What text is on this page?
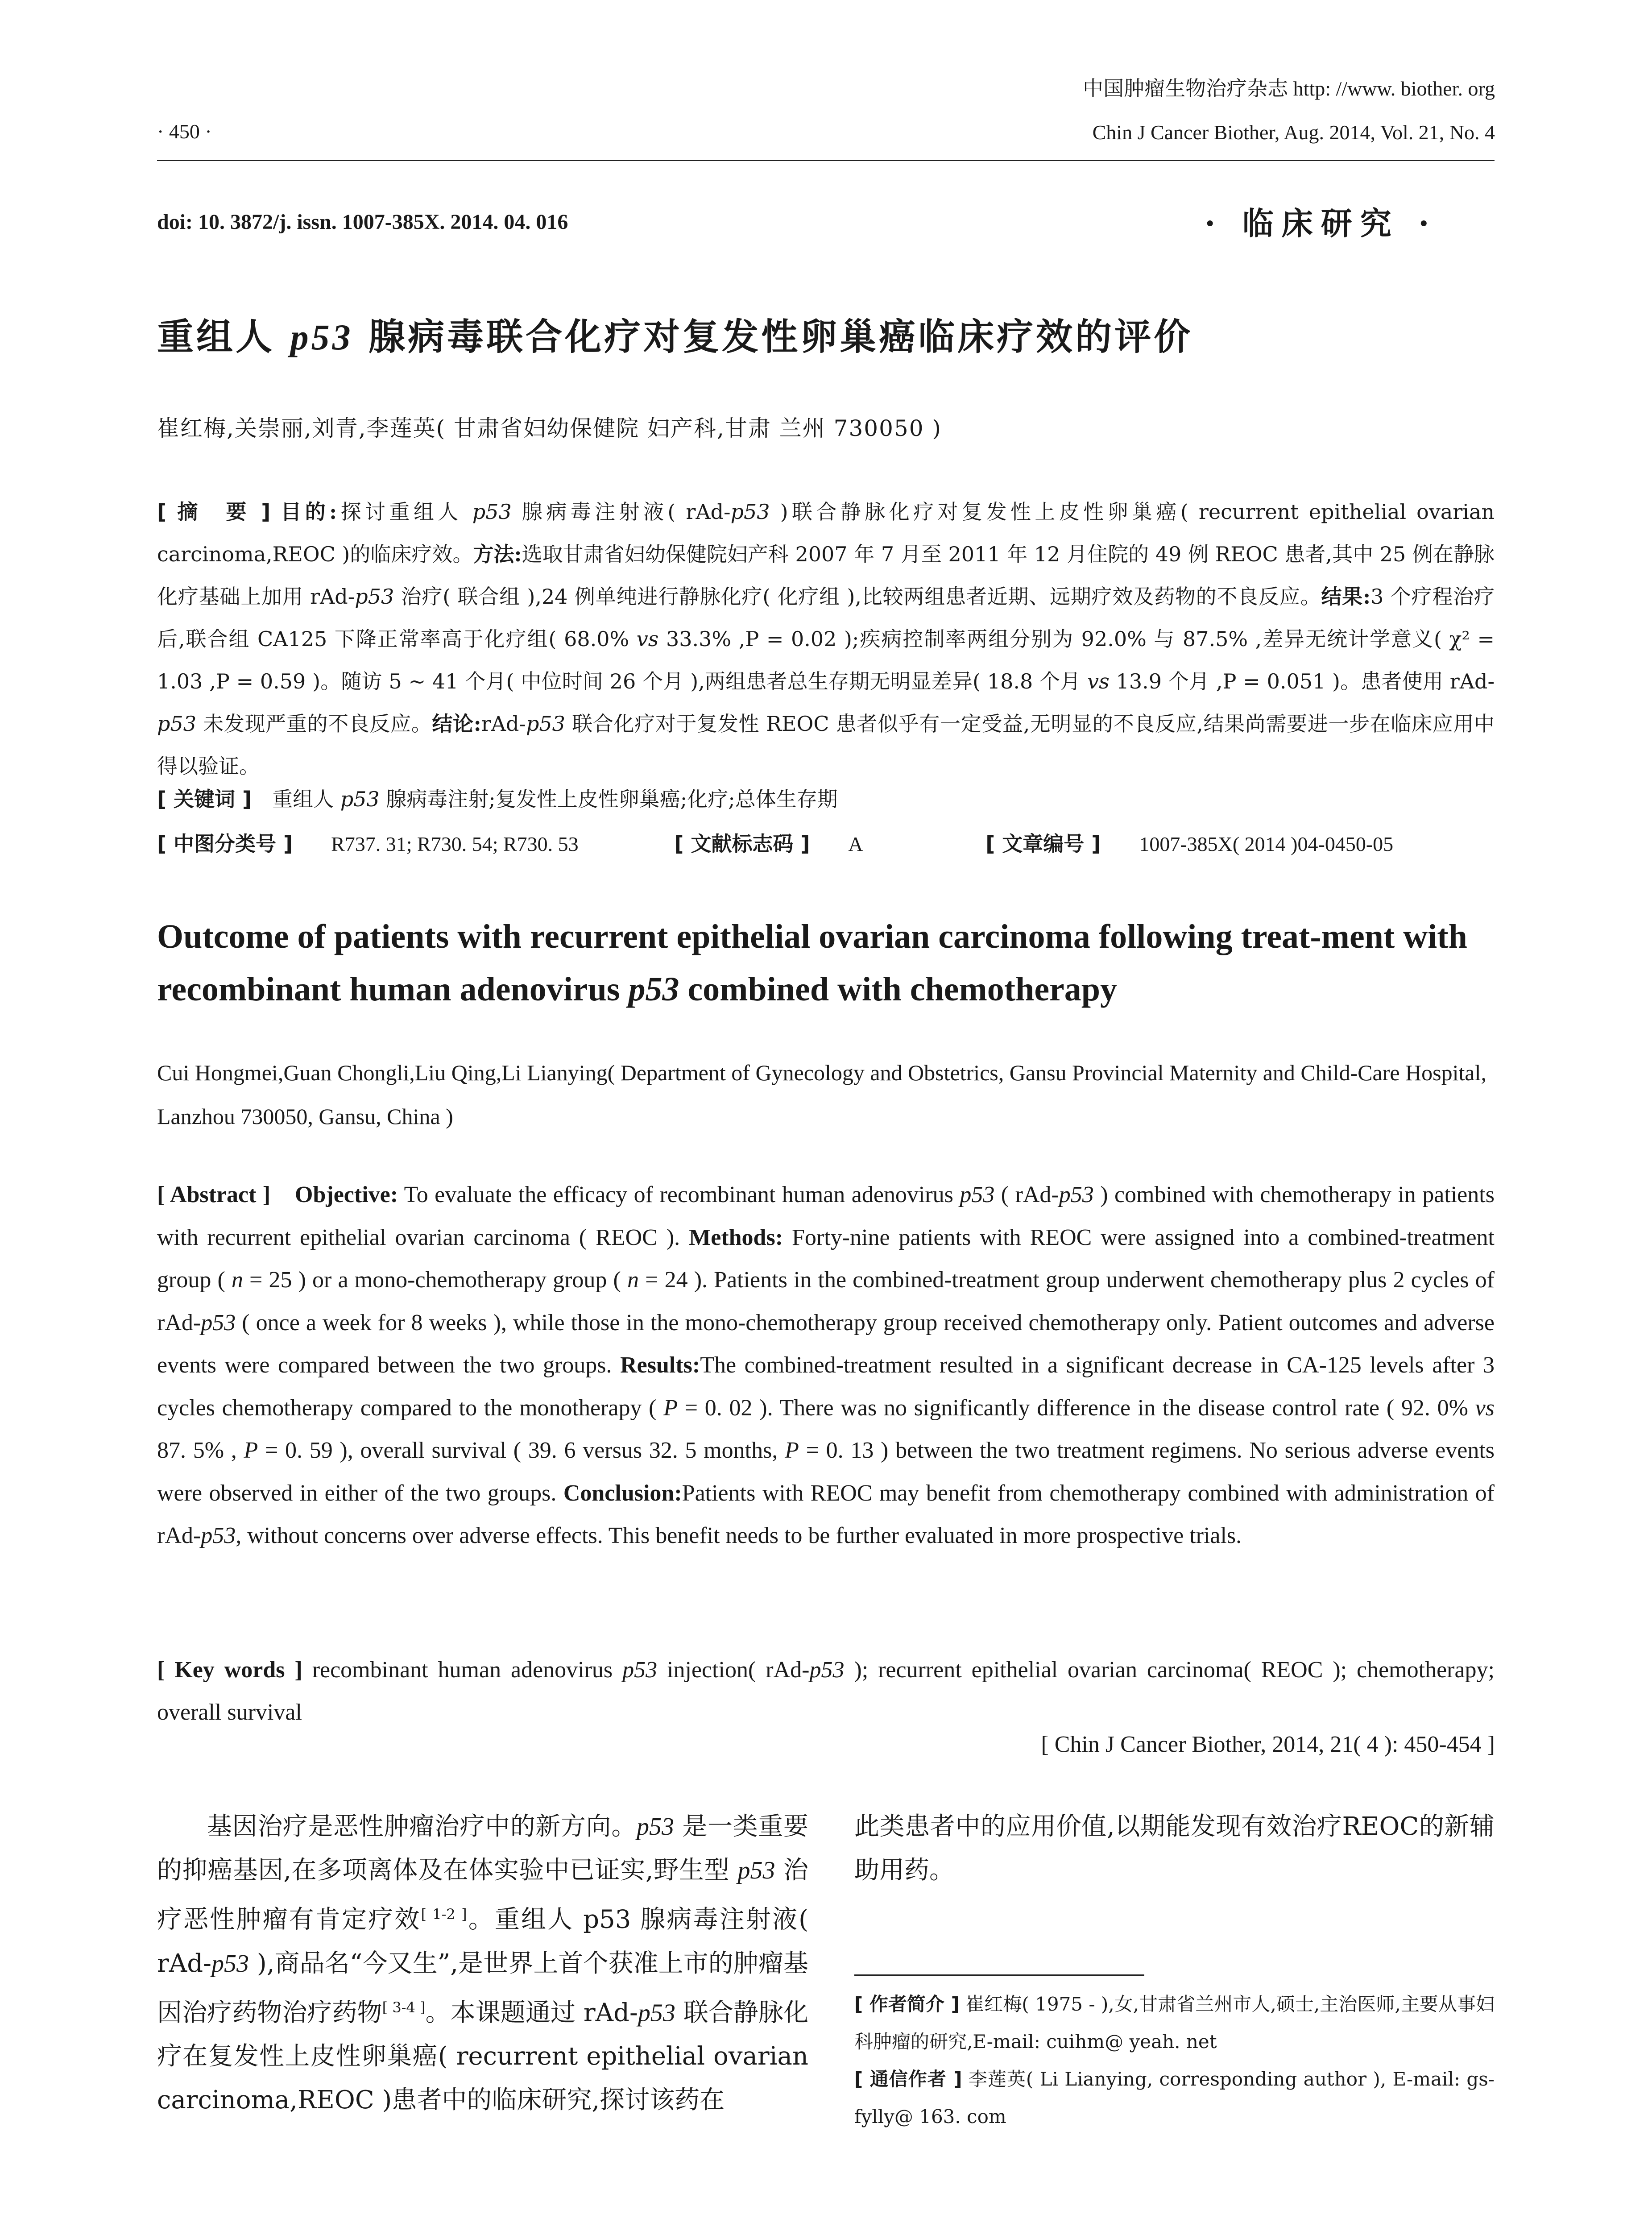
· 450 ·
中国肿瘤生物治疗杂志 http: //www. biother. org
Chin J Cancer Biother, Aug. 2014, Vol. 21, No. 4
doi: 10. 3872/j. issn. 1007-385X. 2014. 04. 016	· 临床研究 ·
重组人 p53 腺病毒联合化疗对复发性卵巢癌临床疗效的评价
崔红梅,关崇丽,刘青,李莲英( 甘肃省妇幼保健院 妇产科,甘肃 兰州 730050 )
[ 摘　要 ] 目的:探讨重组人 p53 腺病毒注射液( rAd-p53 )联合静脉化疗对复发性上皮性卵巢癌( recurrent epithelial ovarian carcinoma,REOC )的临床疗效。方法:选取甘肃省妇幼保健院妇产科 2007 年 7 月至 2011 年 12 月住院的 49 例 REOC 患者,其中 25 例在静脉化疗基础上加用 rAd-p53 治疗( 联合组 ),24 例单纯进行静脉化疗( 化疗组 ),比较两组患者近期、远期疗效及药物的不良反应。结果:3 个疗程治疗后,联合组 CA125 下降正常率高于化疗组( 68.0% vs 33.3% ,P = 0.02 );疾病控制率两组分别为 92.0% 与 87.5% ,差异无统计学意义( χ² = 1.03 ,P = 0.59 )。随访 5 ~ 41 个月( 中位时间 26 个月 ),两组患者总生存期无明显差异( 18.8 个月 vs 13.9 个月 ,P = 0.051 )。患者使用 rAd-p53 未发现严重的不良反应。结论:rAd-p53 联合化疗对于复发性 REOC 患者似乎有一定受益,无明显的不良反应,结果尚需要进一步在临床应用中得以验证。
[ 关键词 ]　 重组人 p53 腺病毒注射;复发性上皮性卵巢癌;化疗;总体生存期
[ 中图分类号 ]　 R737. 31; R730. 54; R730. 53	[ 文献标志码 ]　 A	[ 文章编号 ]　 1007-385X( 2014 )04-0450-05
Outcome of patients with recurrent epithelial ovarian carcinoma following treat-ment with recombinant human adenovirus p53 combined with chemotherapy
Cui Hongmei,Guan Chongli,Liu Qing,Li Lianying( Department of Gynecology and Obstetrics, Gansu Provincial Maternity and Child-Care Hospital, Lanzhou 730050, Gansu, China )
[ Abstract ]　 Objective: To evaluate the efficacy of recombinant human adenovirus p53 ( rAd-p53 ) combined with chemotherapy in patients with recurrent epithelial ovarian carcinoma ( REOC ). Methods: Forty-nine patients with REOC were assigned into a combined-treatment group ( n = 25 ) or a mono-chemotherapy group ( n = 24 ). Patients in the combined-treatment group underwent chemotherapy plus 2 cycles of rAd-p53 ( once a week for 8 weeks ), while those in the mono-chemotherapy group received chemotherapy only. Patient outcomes and adverse events were compared between the two groups. Results:The combined-treatment resulted in a significant decrease in CA-125 levels after 3 cycles chemotherapy compared to the monotherapy ( P = 0. 02 ). There was no significantly difference in the disease control rate ( 92. 0% vs 87. 5% , P = 0. 59 ), overall survival ( 39. 6 versus 32. 5 months, P = 0. 13 ) between the two treatment regimens. No serious adverse events were observed in either of the two groups. Conclusion:Patients with REOC may benefit from chemotherapy combined with administration of rAd-p53, without concerns over adverse effects. This benefit needs to be further evaluated in more prospective trials.
[ Key words ] recombinant human adenovirus p53 injection( rAd-p53 ); recurrent epithelial ovarian carcinoma( REOC ); chemotherapy; overall survival
[ Chin J Cancer Biother, 2014, 21( 4 ): 450-454 ]
基因治疗是恶性肿瘤治疗中的新方向。p53 是一类重要的抑癌基因,在多项离体及在体实验中已证实,野生型 p53 治疗恶性肿瘤有肯定疗效[ 1-2 ]。重组人 p53 腺病毒注射液( rAd-p53 ),商品名“今又生”,是世界上首个获准上市的肿瘤基因治疗药物治疗药物[ 3-4 ]。本课题通过 rAd-p53 联合静脉化疗在复发性上皮性卵巢癌( recurrent epithelial ovarian carcinoma,REOC )患者中的临床研究,探讨该药在
此类患者中的应用价值,以期能发现有效治疗REOC的新辅助用药。
[ 作者简介 ] 崔红梅( 1975 - ),女,甘肃省兰州市人,硕士,主治医师,主要从事妇科肿瘤的研究,E-mail: cuihm@ yeah. net
[ 通信作者 ] 李莲英( Li Lianying, corresponding author ), E-mail: gs-fylly@ 163. com
